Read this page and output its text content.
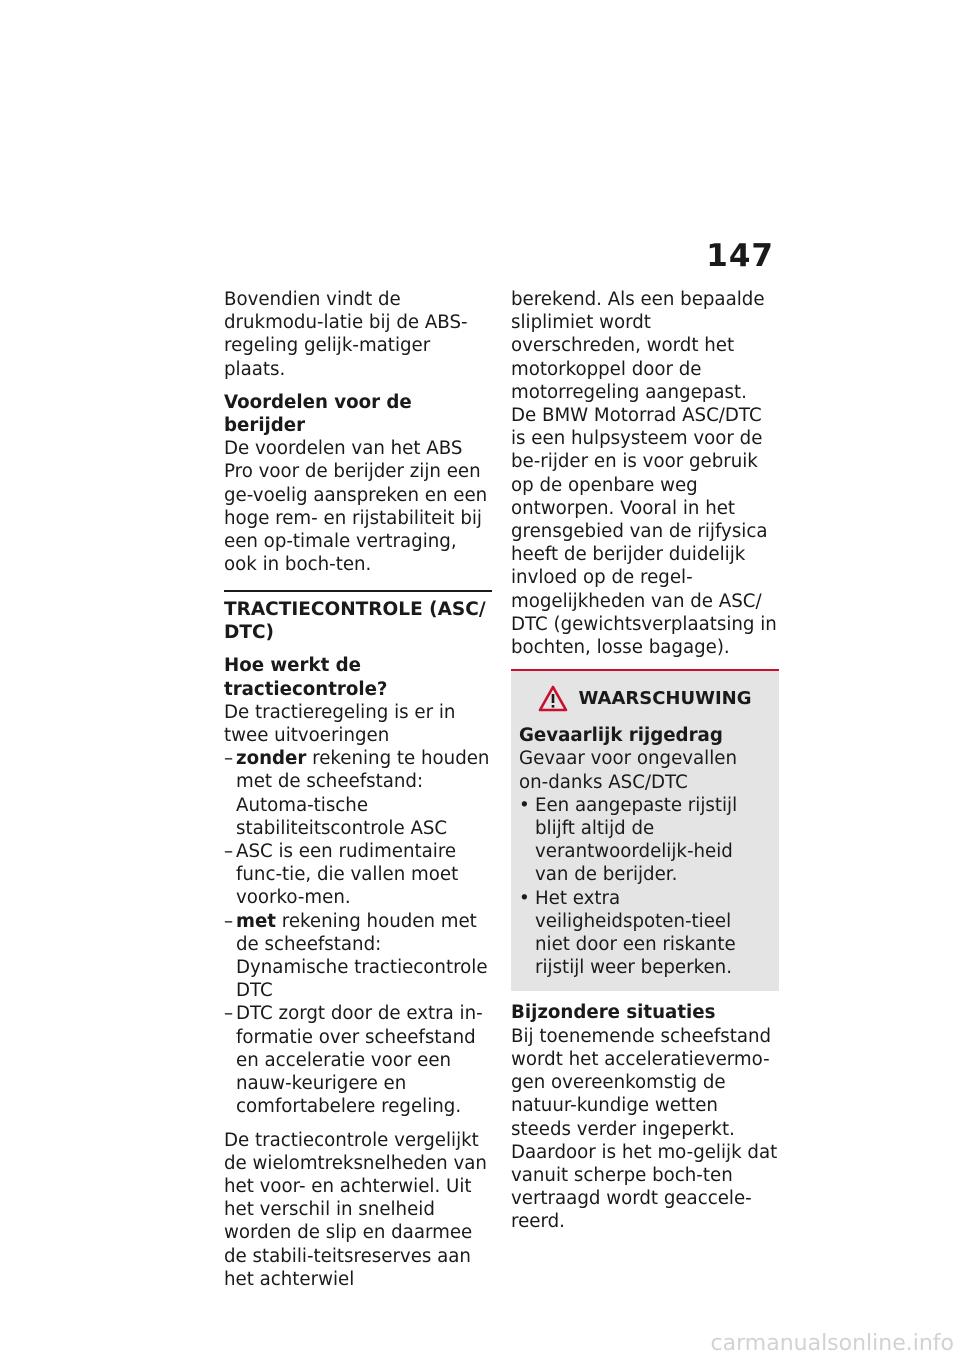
147

Bovendien vindt de drukmodu-latie bij de ABS-regeling gelijk-matiger plaats.

Voordelen voor de berijder

De voordelen van het ABS Pro voor de berijder zijn een ge-voelig aanspreken en een hoge rem- en rijstabiliteit bij een op-timale vertraging, ook in boch-ten.

TRACTIECONTROLE (ASC/ DTC)

Hoe werkt de tractiecontrole?

De tractieregeling is er in twee uitvoeringen

– zonder rekening te houden met de scheefstand: Automa-tische stabiliteitscontrole ASC
– ASC is een rudimentaire func-tie, die vallen moet voorko-men.
– met rekening houden met de scheefstand: Dynamische tractiecontrole DTC
– DTC zorgt door de extra in-formatie over scheefstand en acceleratie voor een nauw-keurigere en comfortabelere regeling.

De tractiecontrole vergelijkt de wielomtreksnelheden van het voor- en achterwiel. Uit het verschil in snelheid worden de slip en daarmee de stabili-teitsreserves aan het achterwiel

berekend. Als een bepaalde sliplimiet wordt overschreden, wordt het motorkoppel door de motorregeling aangepast.

De BMW Motorrad ASC/DTC is een hulpsysteem voor de be-rijder en is voor gebruik op de openbare weg ontworpen. Vooral in het grensgebied van de rijfysica heeft de berijder duidelijk invloed op de regel-mogelijkheden van de ASC/ DTC (gewichtsverplaatsing in bochten, losse bagage).

WAARSCHUWING

Gevaarlijk rijgedrag

Gevaar voor ongevallen on-danks ASC/DTC

• Een aangepaste rijstijl blijft altijd de verantwoordelijk-heid van de berijder.
• Het extra veiligheidspoten-tieel niet door een riskante rijstijl weer beperken.

Bijzondere situaties

Bij toenemende scheefstand wordt het acceleratievermo-gen overeenkomstig de natuur-kundige wetten steeds verder ingeperkt. Daardoor is het mo-gelijk dat vanuit scherpe boch-ten vertraagd wordt geaccele-reerd.

carmanualsonline.info
